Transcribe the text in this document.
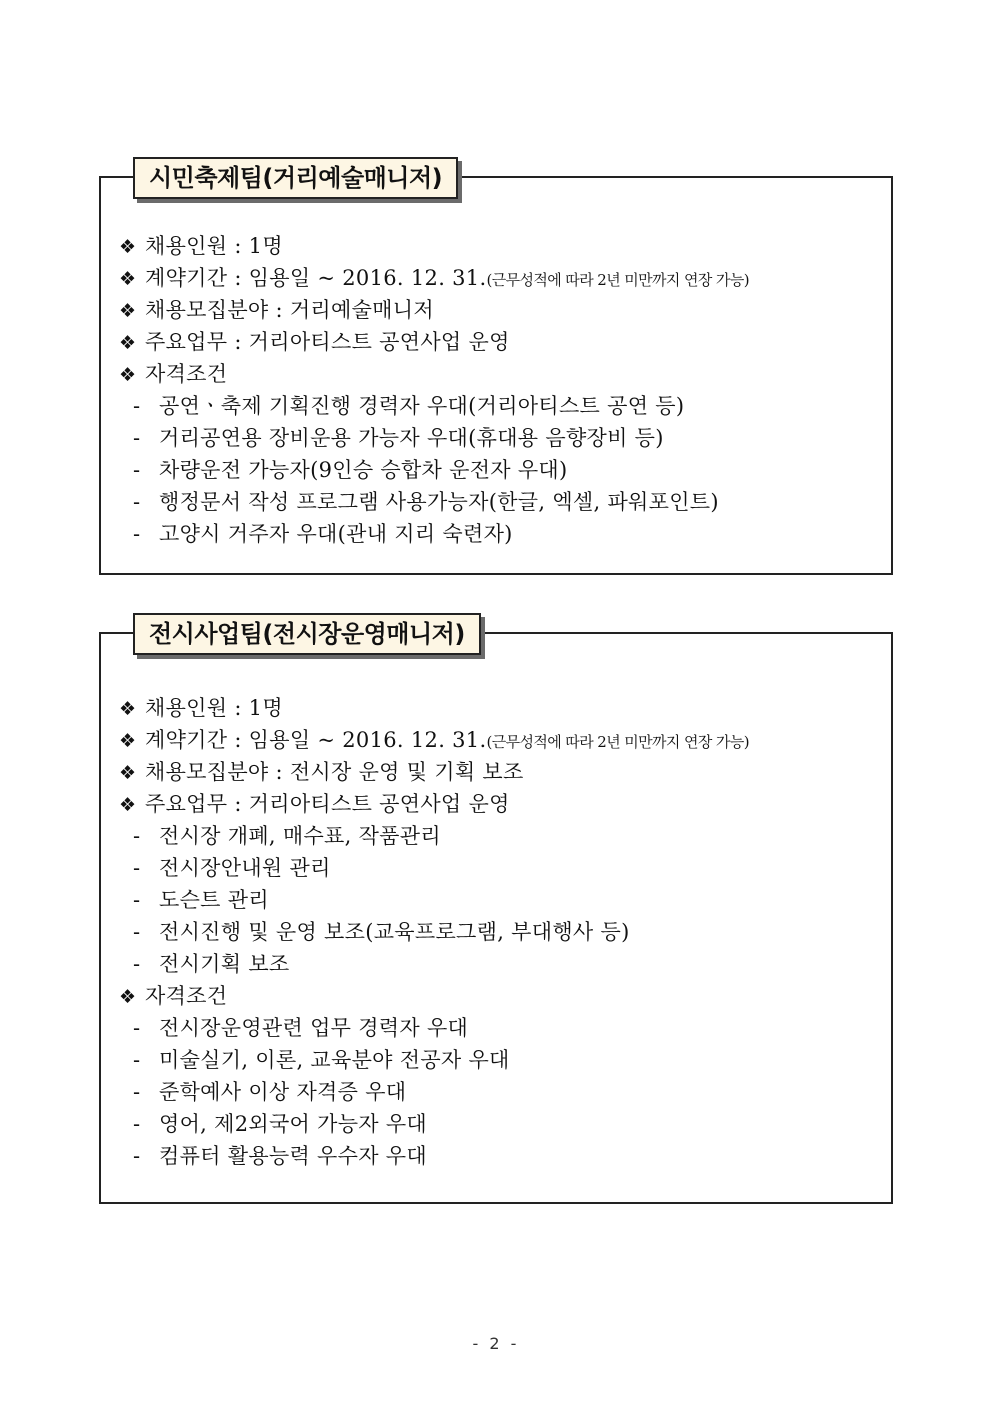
시민축제팀(거리예술매니저)
❖ 채용인원 : 1명
❖ 계약기간 : 임용일 ~ 2016. 12. 31.(근무성적에 따라 2년 미만까지 연장 가능)
❖ 채용모집분야 : 거리예술매니저
❖ 주요업무 : 거리아티스트 공연사업 운영
❖ 자격조건
- 공연ㆍ축제 기획진행 경력자 우대(거리아티스트 공연 등)
- 거리공연용 장비운용 가능자 우대(휴대용 음향장비 등)
- 차량운전 가능자(9인승 승합차 운전자 우대)
- 행정문서 작성 프로그램 사용가능자(한글, 엑셀, 파워포인트)
- 고양시 거주자 우대(관내 지리 숙련자)
전시사업팀(전시장운영매니저)
❖ 채용인원 : 1명
❖ 계약기간 : 임용일 ~ 2016. 12. 31.(근무성적에 따라 2년 미만까지 연장 가능)
❖ 채용모집분야 : 전시장 운영 및 기획 보조
❖ 주요업무 : 거리아티스트 공연사업 운영
- 전시장 개폐, 매수표, 작품관리
- 전시장안내원 관리
- 도슨트 관리
- 전시진행 및 운영 보조(교육프로그램, 부대행사 등)
- 전시기획 보조
❖ 자격조건
- 전시장운영관련 업무 경력자 우대
- 미술실기, 이론, 교육분야 전공자 우대
- 준학예사 이상 자격증 우대
- 영어, 제2외국어 가능자 우대
- 컴퓨터 활용능력 우수자 우대
- 2 -
